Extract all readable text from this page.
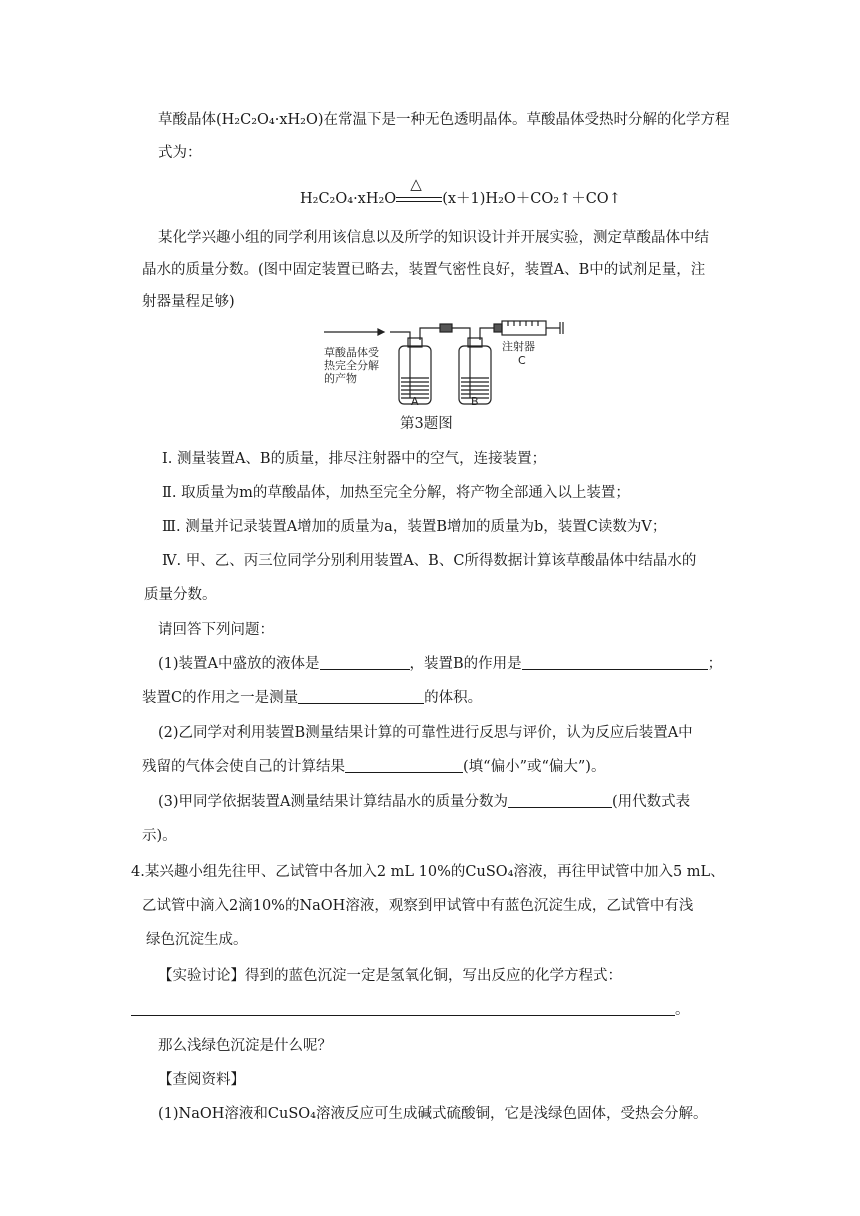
草酸晶体(H₂C₂O₄·xH₂O)在常温下是一种无色透明晶体。草酸晶体受热时分解的化学方程
式为：
H₂C₂O₄·xH₂O
△
(x＋1)H₂O＋CO₂↑＋CO↑
某化学兴趣小组的同学利用该信息以及所学的知识设计并开展实验，测定草酸晶体中结
晶水的质量分数。(图中固定装置已略去，装置气密性良好，装置A、B中的试剂足量，注
射器量程足够)
草酸晶体受
热完全分解
的产物
注射器
C
A	B
第3题图
Ⅰ. 测量装置A、B的质量，排尽注射器中的空气，连接装置；
Ⅱ. 取质量为m的草酸晶体，加热至完全分解，将产物全部通入以上装置；
Ⅲ. 测量并记录装置A增加的质量为a，装置B增加的质量为b，装置C读数为V；
Ⅳ. 甲、乙、丙三位同学分别利用装置A、B、C所得数据计算该草酸晶体中结晶水的
质量分数。
请回答下列问题：
(1)装置A中盛放的液体是	，装置B的作用是	；
装置C的作用之一是测量	的体积。
(2)乙同学对利用装置B测量结果计算的可靠性进行反思与评价，认为反应后装置A中
残留的气体会使自己的计算结果	(填“偏小”或“偏大”)。
(3)甲同学依据装置A测量结果计算结晶水的质量分数为	(用代数式表
示)。
4.某兴趣小组先往甲、乙试管中各加入2 mL 10%的CuSO₄溶液，再往甲试管中加入5 mL、
乙试管中滴入2滴10%的NaOH溶液，观察到甲试管中有蓝色沉淀生成，乙试管中有浅
绿色沉淀生成。
【实验讨论】得到的蓝色沉淀一定是氢氧化铜，写出反应的化学方程式：
。
那么浅绿色沉淀是什么呢？
【查阅资料】
(1)NaOH溶液和CuSO₄溶液反应可生成碱式硫酸铜，它是浅绿色固体，受热会分解。
